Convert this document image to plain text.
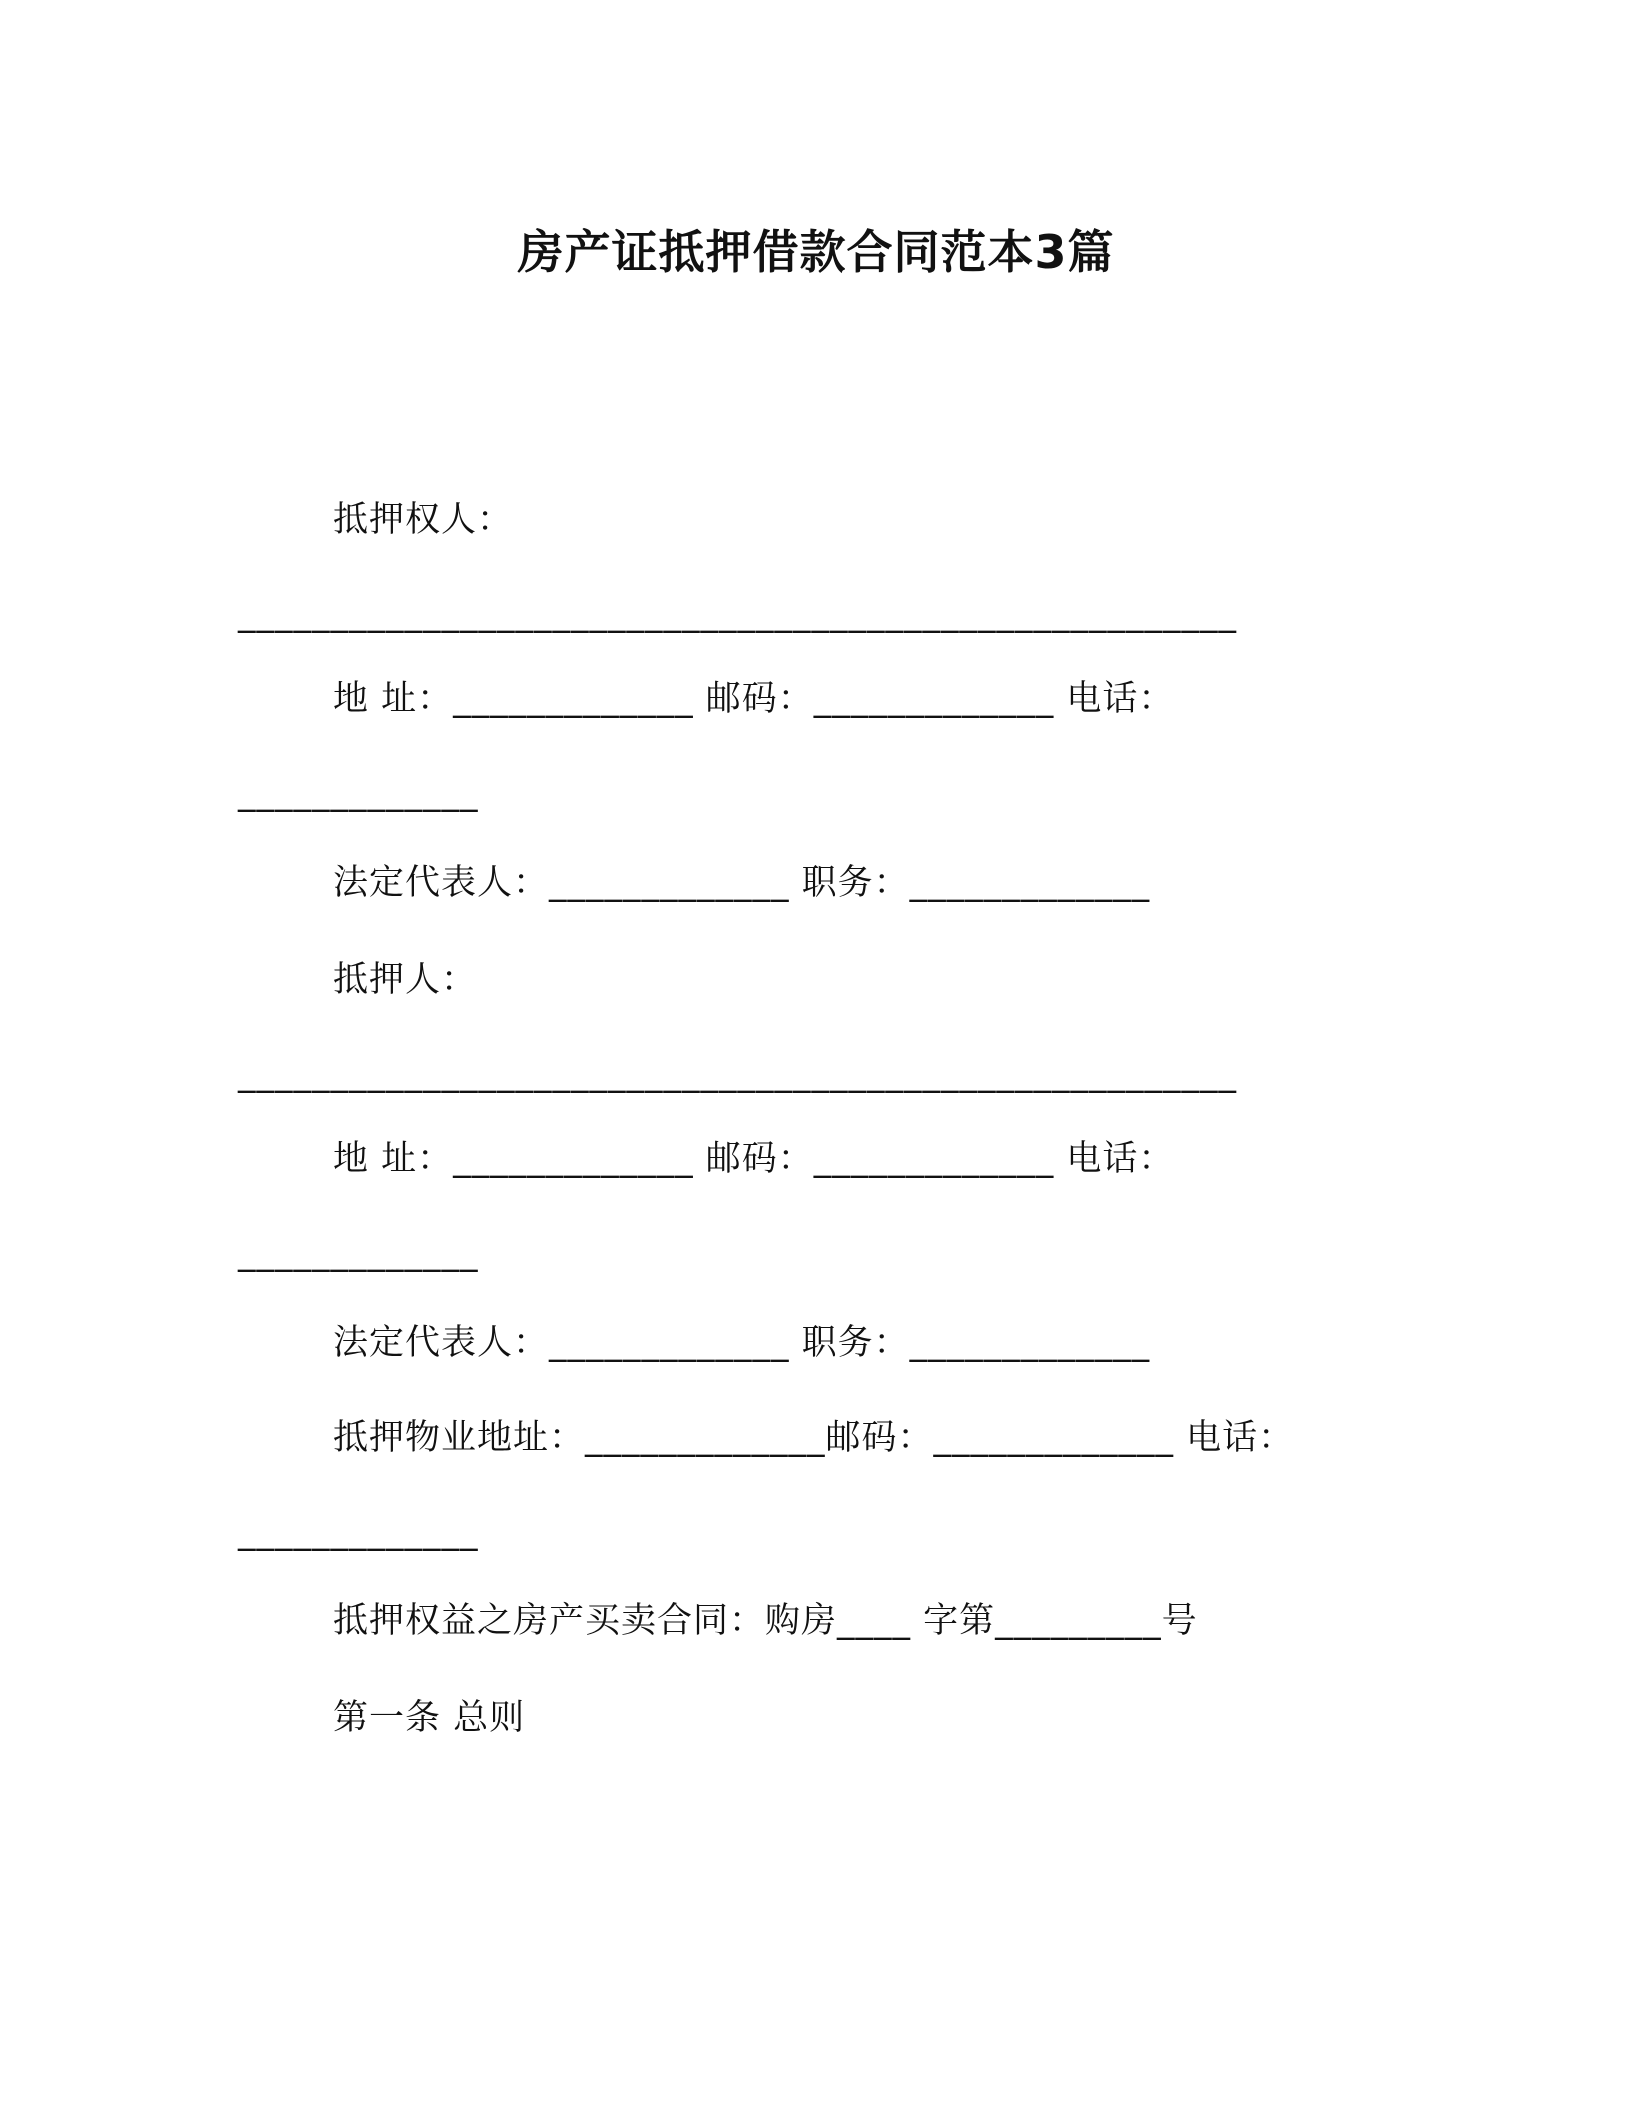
房产证抵押借款合同范本3篇
抵押权人：
______________________________________________________
地 址：_____________ 邮码：_____________ 电话：
_____________
法定代表人：_____________ 职务：_____________
抵押人：
______________________________________________________
地 址：_____________ 邮码：_____________ 电话：
_____________
法定代表人：_____________ 职务：_____________
抵押物业地址：_____________邮码：_____________ 电话：
_____________
抵押权益之房产买卖合同：购房____ 字第_________号
第一条 总则
